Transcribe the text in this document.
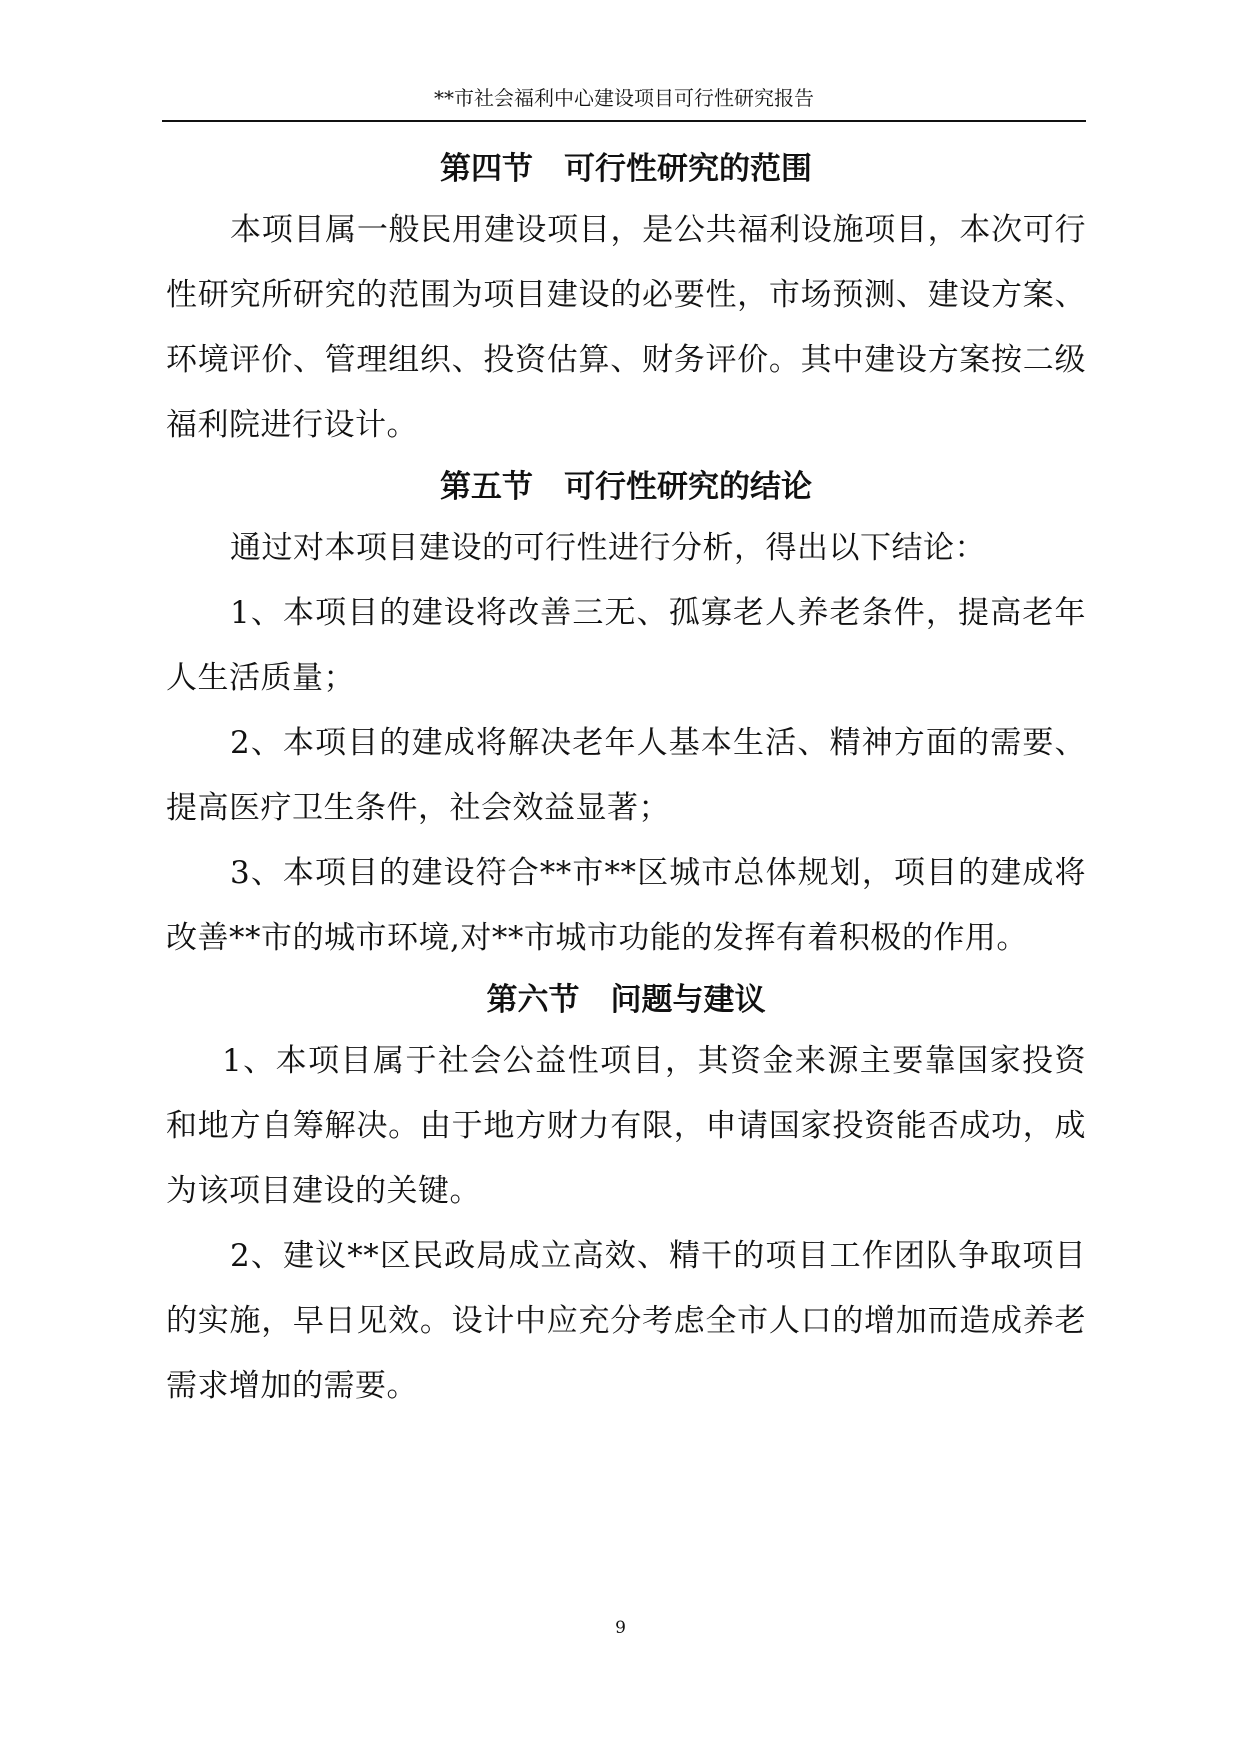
**市社会福利中心建设项目可行性研究报告
第四节　可行性研究的范围

本项目属一般民用建设项目，是公共福利设施项目，本次可行性研究所研究的范围为项目建设的必要性，市场预测、建设方案、环境评价、管理组织、投资估算、财务评价。其中建设方案按二级福利院进行设计。

第五节　可行性研究的结论

通过对本项目建设的可行性进行分析，得出以下结论：

1、本项目的建设将改善三无、孤寡老人养老条件，提高老年人生活质量；

2、本项目的建成将解决老年人基本生活、精神方面的需要、提高医疗卫生条件，社会效益显著；

3、本项目的建设符合**市**区城市总体规划，项目的建成将改善**市的城市环境,对**市城市功能的发挥有着积极的作用。

第六节　问题与建议

1、本项目属于社会公益性项目，其资金来源主要靠国家投资和地方自筹解决。由于地方财力有限，申请国家投资能否成功，成为该项目建设的关键。

2、建议**区民政局成立高效、精干的项目工作团队争取项目的实施，早日见效。设计中应充分考虑全市人口的增加而造成养老需求增加的需要。

9
